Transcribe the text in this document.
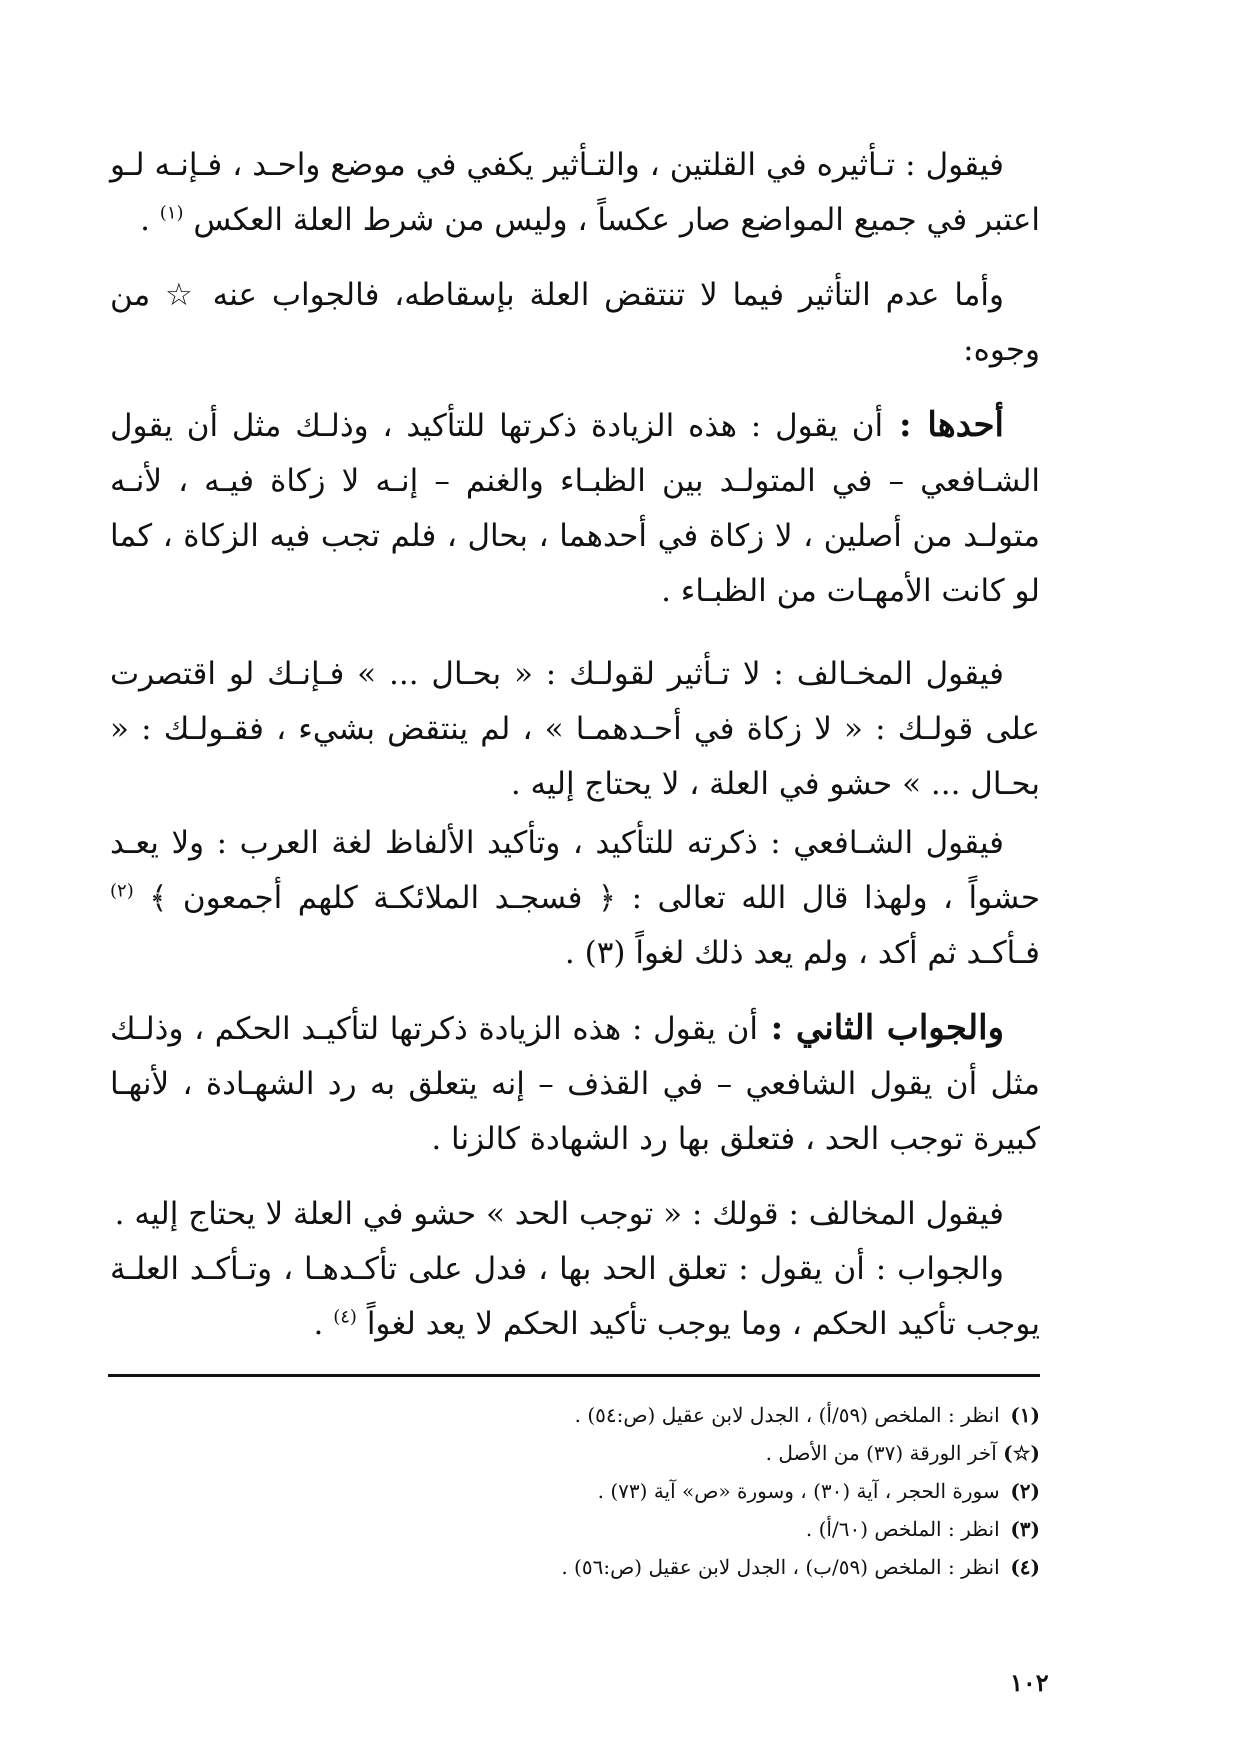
فيقول : تـأثيره في القلتين ، والتـأثير يكفي في موضع واحـد ، فـإنـه لـو اعتبر في جميع المواضع صار عكساً ، وليس من شرط العلة العكس $^{(١)}$ .

وأما عدم التأثير فيما لا تنتقض العلة بإسقاطه، فالجواب عنه ☆ من وجوه:

أحدها : أن يقول : هذه الزيادة ذكرتها للتأكيد ، وذلـك مثل أن يقول الشـافعي – في المتولـد بين الظبـاء والغنم – إنـه لا زكاة فيـه ، لأنـه متولـد من أصلين ، لا زكاة في أحدهما ، بحال ، فلم تجب فيه الزكاة ، كما لو كانت الأمهـات من الظبـاء .

فيقول المخـالف : لا تـأثير لقولـك : « بحـال ... » فـإنـك لو اقتصرت على قولـك : « لا زكاة في أحـدهمـا » ، لم ينتقض بشيء ، فقـولـك : « بحـال ... » حشو في العلة ، لا يحتاج إليه .

فيقول الشـافعي : ذكرته للتأكيد ، وتأكيد الألفاظ لغة العرب : ولا يعـد حشواً ، ولهذا قال الله تعالى : ﴿ فسجـد الملائكـة كلهم أجمعون ﴾ $^{(٢)}$ فـأكـد ثم أكد ، ولم يعد ذلك لغواً (٣) .

والجواب الثاني : أن يقول : هذه الزيادة ذكرتها لتأكيـد الحكم ، وذلـك مثل أن يقول الشافعي – في القذف – إنه يتعلق به رد الشهـادة ، لأنهـا كبيرة توجب الحد ، فتعلق بها رد الشهادة كالزنا .

فيقول المخالف : قولك : « توجب الحد » حشو في العلة لا يحتاج إليه .

والجواب : أن يقول : تعلق الحد بها ، فدل على تأكـدهـا ، وتـأكـد العلـة يوجب تأكيد الحكم ، وما يوجب تأكيد الحكم لا يعد لغواً $^{(٤)}$ .

(١) انظر : الملخص (٥٩/أ) ، الجدل لابن عقيل (ص:٥٤) .

(☆) آخر الورقة (٣٧) من الأصل .

(٢) سورة الحجر ، آية (٣٠) ، وسورة «ص» آية (٧٣) .

(٣) انظر : الملخص (٦٠/أ) .

(٤) انظر : الملخص (٥٩/ب) ، الجدل لابن عقيل (ص:٥٦) .

١٠٢
